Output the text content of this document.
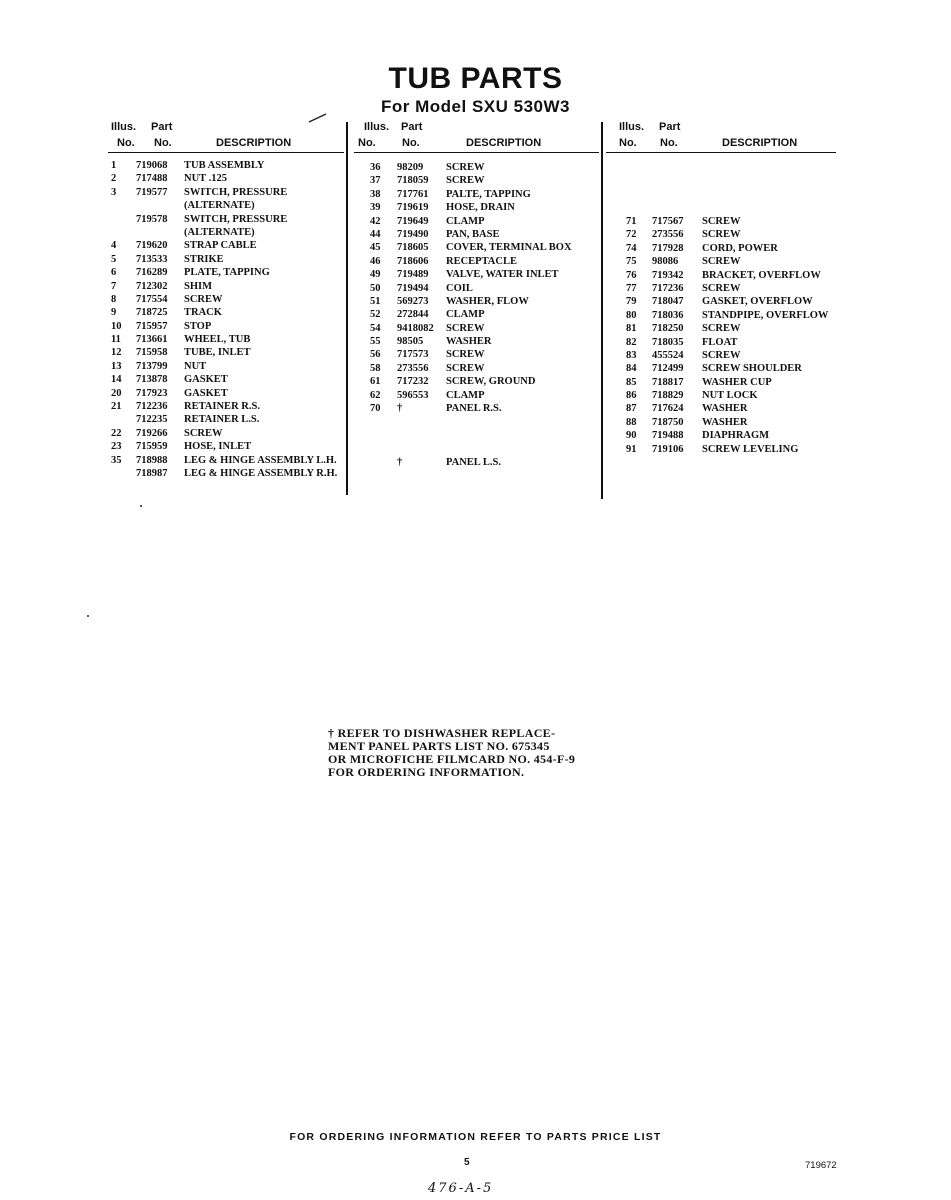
TUB PARTS
For Model SXU 530W3
Illus. Part
No. No.	DESCRIPTION
1 719068 TUB ASSEMBLY
2 717488 NUT .125
3 719577 SWITCH, PRESSURE
(ALTERNATE)
719578 SWITCH, PRESSURE
(ALTERNATE)
4 719620 STRAP CABLE
5 713533 STRIKE
6 716289 PLATE, TAPPING
7 712302 SHIM
8 717554 SCREW
9 718725 TRACK
10 715957 STOP
11 713661 WHEEL, TUB
12 715958 TUBE, INLET
13 713799 NUT
14 713878 GASKET
20 717923 GASKET
21 712236 RETAINER R.S.
712235 RETAINER L.S.
22 719266 SCREW
23 715959 HOSE, INLET
35 718988 LEG & HINGE ASSEMBLY L.H.
718987 LEG & HINGE ASSEMBLY R.H.
Illus. Part
No. No.	DESCRIPTION
36 98209 SCREW
37 718059 SCREW
38 717761 PALTE, TAPPING
39 719619 HOSE, DRAIN
42 719649 CLAMP
44 719490 PAN, BASE
45 718605 COVER, TERMINAL BOX
46 718606 RECEPTACLE
49 719489 VALVE, WATER INLET
50 719494 COIL
51 569273 WASHER, FLOW
52 272844 CLAMP
54 9418082 SCREW
55 98505 WASHER
56 717573 SCREW
58 273556 SCREW
61 717232 SCREW, GROUND
62 596553 CLAMP
70 †	PANEL R.S.
†	PANEL L.S.
Illus. Part
No. No.	DESCRIPTION
71 717567 SCREW
72 273556 SCREW
74 717928 CORD, POWER
75 98086 SCREW
76 719342 BRACKET, OVERFLOW
77 717236 SCREW
79 718047 GASKET, OVERFLOW
80 718036 STANDPIPE, OVERFLOW
81 718250 SCREW
82 718035 FLOAT
83 455524 SCREW
84 712499 SCREW SHOULDER
85 718817 WASHER CUP
86 718829 NUT LOCK
87 717624 WASHER
88 718750 WASHER
90 719488 DIAPHRAGM
91 719106 SCREW LEVELING
† REFER TO DISHWASHER REPLACE-
MENT PANEL PARTS LIST NO. 675345
OR MICROFICHE FILMCARD NO. 454-F-9
FOR ORDERING INFORMATION.
FOR ORDERING INFORMATION REFER TO PARTS PRICE LIST
5	719672
476-A-5
